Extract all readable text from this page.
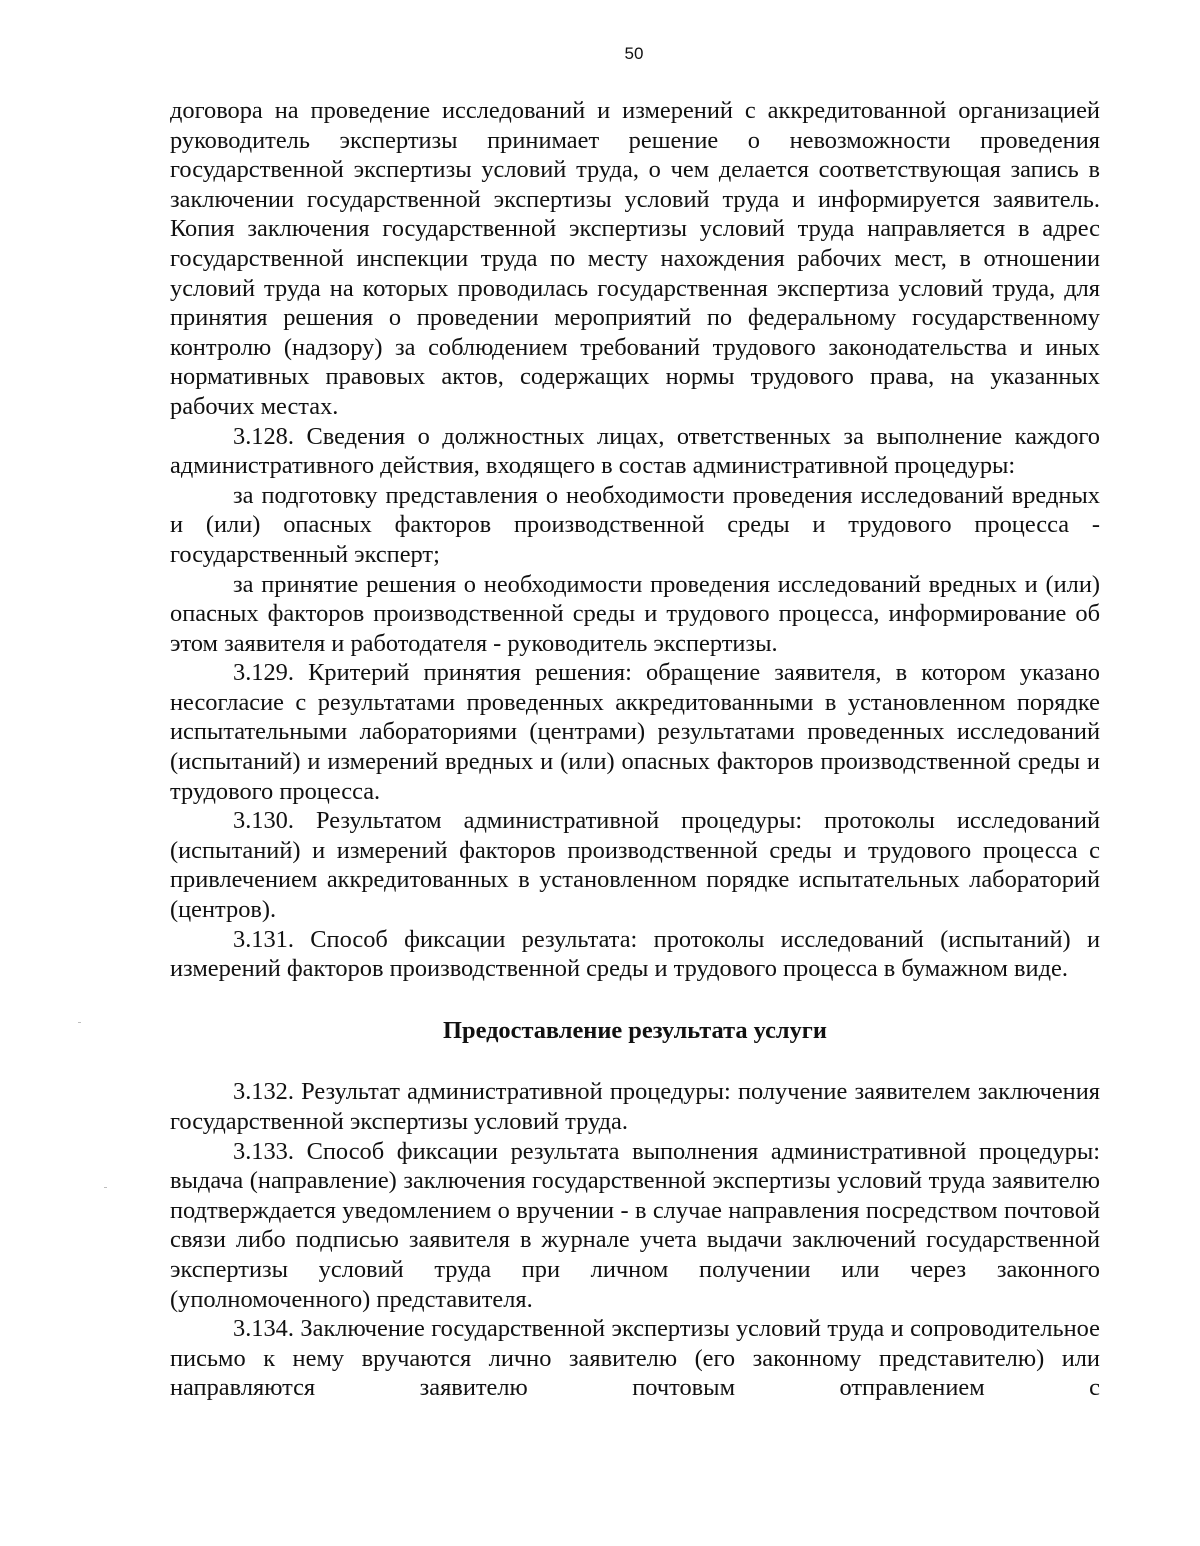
50

договора на проведение исследований и измерений с аккредитованной организацией руководитель экспертизы принимает решение о невозможности проведения государственной экспертизы условий труда, о чем делается соответствующая запись в заключении государственной экспертизы условий труда и информируется заявитель. Копия заключения государственной экспертизы условий труда направляется в адрес государственной инспекции труда по месту нахождения рабочих мест, в отношении условий труда на которых проводилась государственная экспертиза условий труда, для принятия решения о проведении мероприятий по федеральному государственному контролю (надзору) за соблюдением требований трудового законодательства и иных нормативных правовых актов, содержащих нормы трудового права, на указанных рабочих местах.

3.128. Сведения о должностных лицах, ответственных за выполнение каждого административного действия, входящего в состав административной процедуры:

за подготовку представления о необходимости проведения исследований вредных и (или) опасных факторов производственной среды и трудового процесса - государственный эксперт;

за принятие решения о необходимости проведения исследований вредных и (или) опасных факторов производственной среды и трудового процесса, информирование об этом заявителя и работодателя - руководитель экспертизы.

3.129. Критерий принятия решения: обращение заявителя, в котором указано несогласие с результатами проведенных аккредитованными в установленном порядке испытательными лабораториями (центрами) результатами проведенных исследований (испытаний) и измерений вредных и (или) опасных факторов производственной среды и трудового процесса.

3.130. Результатом административной процедуры: протоколы исследований (испытаний) и измерений факторов производственной среды и трудового процесса с привлечением аккредитованных в установленном порядке испытательных лабораторий (центров).

3.131. Способ фиксации результата: протоколы исследований (испытаний) и измерений факторов производственной среды и трудового процесса в бумажном виде.

Предоставление результата услуги

3.132. Результат административной процедуры: получение заявителем заключения государственной экспертизы условий труда.

3.133. Способ фиксации результата выполнения административной процедуры: выдача (направление) заключения государственной экспертизы условий труда заявителю подтверждается уведомлением о вручении - в случае направления посредством почтовой связи либо подписью заявителя в журнале учета выдачи заключений государственной экспертизы условий труда при личном получении или через законного (уполномоченного) представителя.

3.134. Заключение государственной экспертизы условий труда и сопроводительное письмо к нему вручаются лично заявителю (его законному представителю) или направляются заявителю почтовым отправлением с
